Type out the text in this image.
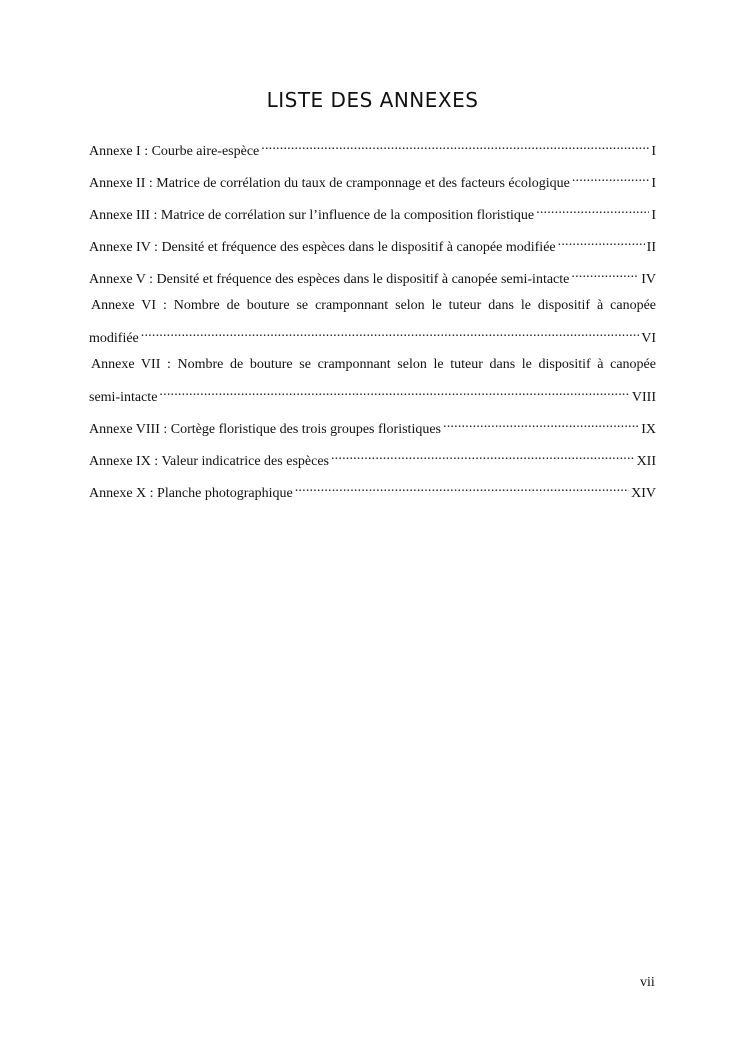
LISTE DES ANNEXES
Annexe I : Courbe aire-espèce .....	I
Annexe II : Matrice de corrélation du taux de cramponnage et des facteurs écologique .....	I
Annexe III : Matrice de corrélation sur l’influence de la composition floristique .....	I
Annexe IV : Densité et fréquence des espèces dans le dispositif à canopée modifiée .....	II
Annexe V : Densité et fréquence des espèces dans le dispositif à canopée semi-intacte .....	IV
Annexe VI : Nombre de bouture se cramponnant selon le tuteur dans le dispositif à canopée
modifiée .....	VI
Annexe VII : Nombre de bouture se cramponnant selon le tuteur dans le dispositif à canopée
semi-intacte .....	VIII
Annexe VIII : Cortège floristique des trois groupes floristiques .....	IX
Annexe IX : Valeur indicatrice des espèces .....	XII
Annexe X : Planche photographique .....	XIV
vii
